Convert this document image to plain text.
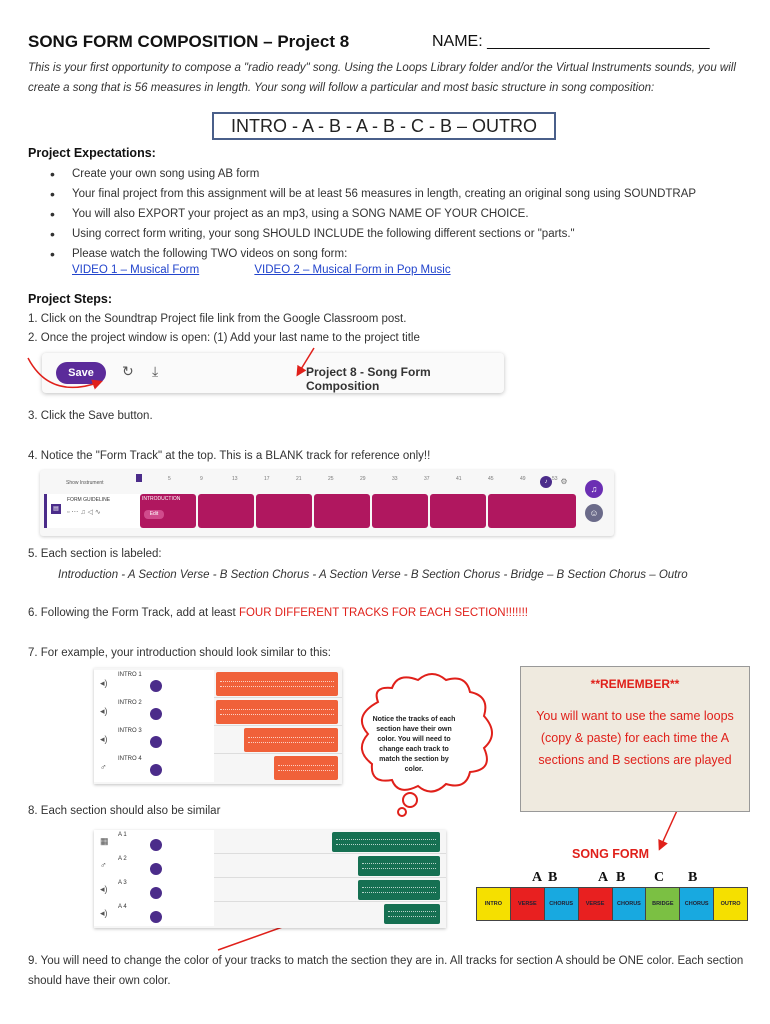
SONG FORM COMPOSITION – Project 8	NAME: _________________________
This is your first opportunity to compose a "radio ready" song. Using the Loops Library folder and/or the Virtual Instruments sounds, you will create a song that is 56 measures in length. Your song will follow a particular and most basic structure in song composition:
INTRO - A - B - A - B - C - B – OUTRO
Project Expectations:
• Create your own song using AB form
• Your final project from this assignment will be at least 56 measures in length, creating an original song using SOUNDTRAP
• You will also EXPORT your project as an mp3, using a SONG NAME OF YOUR CHOICE.
• Using correct form writing, your song SHOULD INCLUDE the following different sections or "parts."
• Please watch the following TWO videos on song form:
VIDEO 1 – Musical Form	VIDEO 2 – Musical Form in Pop Music
Project Steps:
1. Click on the Soundtrap Project file link from the Google Classroom post.
2. Once the project window is open: (1) Add your last name to the project title
Save	↻ ⤓	Project 8 - Song Form Composition
3. Click the Save button.
4. Notice the "Form Track" at the top. This is a BLANK track for reference only!!
Show Instrument
5	9	13	17	21	25	29	33	37	41	45	49	53
▤
FORM GUIDELINE
▫ ⋯ ♫ ◁ ∿
INTRODUCTION
Edit
♪	⚙
♫
☺
5. Each section is labeled:
Introduction - A Section Verse - B Section Chorus - A Section Verse - B Section Chorus - Bridge – B Section Chorus – Outro
6. Following the Form Track, add at least FOUR DIFFERENT TRACKS FOR EACH SECTION!!!!!!!
7. For example, your introduction should look similar to this:
◂)
INTRO 1
◂)
INTRO 2
◂)
INTRO 3
♂
INTRO 4
Notice the tracks of each section have their own color. You will need to change each track to match the section by color.
**REMEMBER**
You will want to use the same loops (copy & paste) for each time the A sections and B sections are played
8. Each section should also be similar
▦
A 1
♂
A 2
◂)
A 3
◂)
A 4
SONG FORM
A B	A B C B
INTRO	VERSE	CHORUS	VERSE	CHORUS	BRIDGE	CHORUS	OUTRO
9. You will need to change the color of your tracks to match the section they are in. All tracks for section A should be ONE color. Each section should have their own color.
